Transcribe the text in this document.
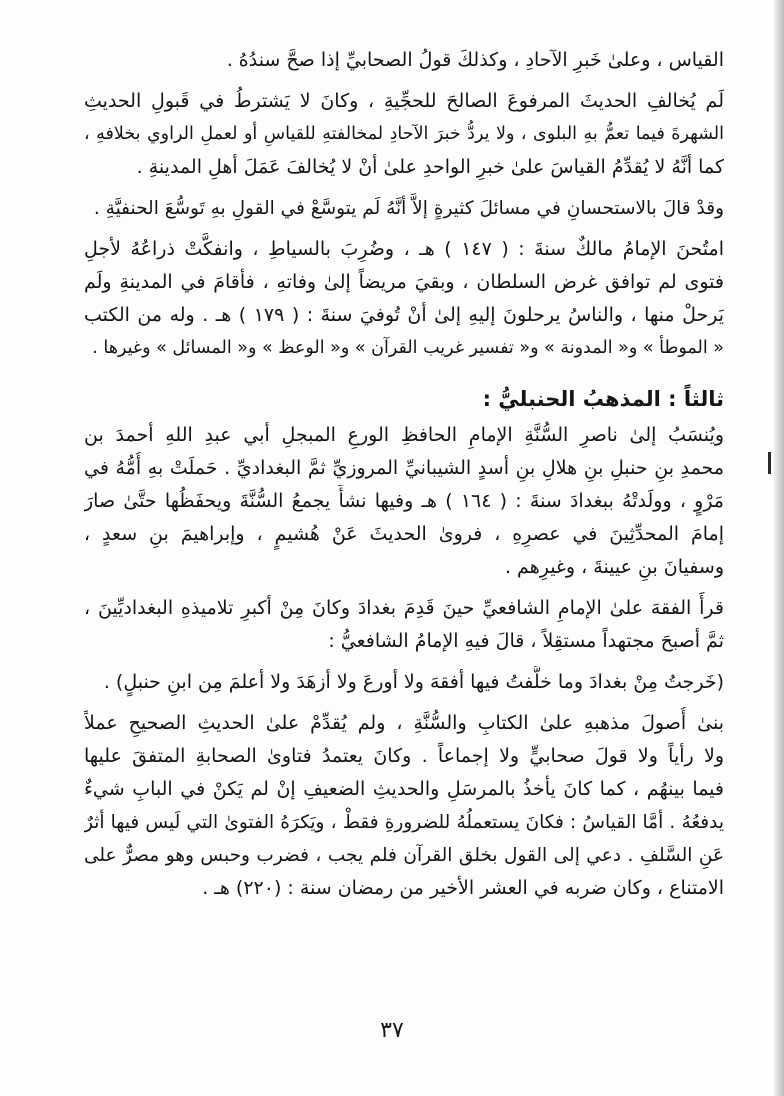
القياس ، وعلىٰ خَبرِ الآحادِ ، وكذلكَ قولُ الصحابيِّ إذا صحَّ سندُهُ .
لَم يُخالفِ الحديثَ المرفوعَ الصالحَ للحجِّيةِ ، وكانَ لا يَشترطُ في قَبولِ الحديثِ
الشهرةَ فيما تعمُّ بهِ البلوى ، ولا يردُّ خبرَ الآحادِ لمخالفتهِ للقياسِ أو لعملِ الراوي بخلافهِ ،
كما أنَّهُ لا يُقدِّمُ القياسَ علىٰ خبرِ الواحدِ علىٰ أنْ لا يُخالفَ عَمَلَ أهلِ المدينةِ .
وقدْ قالَ بالاستحسانِ في مسائلَ كثيرةٍ إلاَّ أنَّهُ لَم يتوسَّعْ في القولِ بهِ تَوسُّعَ الحنفيَّةِ .
امتُحنَ الإمامُ مالكٌ سنةَ : ( ١٤٧ ) هـ ، وضُرِبَ بالسياطِ ، وانفكَّتْ ذراعُهُ لأجلِ
فتوى لم توافق غرض السلطان ، وبقيَ مريضاً إلىٰ وفاتهِ ، فأقامَ في المدينةِ ولَم
يَرحلْ منها ، والناسُ يرحلونَ إليهِ إلىٰ أنْ تُوفيَ سنةَ : ( ١٧٩ ) هـ . وله من الكتب
« الموطأ » و« المدونة » و« تفسير غريب القرآن » و« الوعظ » و« المسائل » وغيرها .
ثالثاً : المذهبُ الحنبليُّ :
ويُنسَبُ إلىٰ ناصرِ السُّنَّةِ الإمامِ الحافظِ الورعِ المبجلِ أبي عبدِ اللهِ أحمدَ بن
محمدِ بنِ حنبلِ بنِ هلالِ بنِ أسدٍ الشيبانيِّ المروزيِّ ثمَّ البغداديِّ . حَملَتْ بهِ أُمُّهُ في
مَرْوٍ ، وولَدتْهُ ببغدادَ سنةَ : ( ١٦٤ ) هـ وفيها نشأَ يجمعُ السُّنَّةَ ويحفَظُها حتَّىٰ صارَ
إمامَ المحدِّثِينَ في عصرِهِ ، فروىٰ الحديثَ عَنْ هُشيمٍ ، وإبراهيمَ بنِ سعدٍ ،
وسفيانَ بنِ عيينةَ ، وغيرِهم .
قرأَ الفقهَ علىٰ الإمامِ الشافعيِّ حينَ قَدِمَ بغدادَ وكانَ مِنْ أكبرِ تلاميذهِ البغداديِّينَ ،
ثمَّ أصبحَ مجتهداً مستقِلاً ، قالَ فيهِ الإمامُ الشافعيُّ :
(خَرجتُ مِنْ بغدادَ وما خلَّفتُ فيها أفقهَ ولا أورعَ ولا أزهَدَ ولا أعلمَ مِن ابنِ حنبلٍ) .
بنىٰ أُصولَ مذهبهِ علىٰ الكتابِ والسُّنَّةِ ، ولم يُقدِّمْ علىٰ الحديثِ الصحيحِ عملاً
ولا رأياً ولا قولَ صحابيٍّ ولا إجماعاً . وكانَ يعتمدُ فتاوىٰ الصحابةِ المتفقَ عليها
فيما بينهُم ، كما كانَ يأخذُ بالمرسَلِ والحديثِ الضعيفِ إنْ لم يَكنْ في البابِ شيءٌ
يدفعُهُ . أمَّا القياسُ : فكانَ يستعملُهُ للضرورةِ فقطْ ، ويَكرَهُ الفتوىٰ التي لَيس فيها أثرٌ
عَنِ السَّلفِ . دعي إلى القول بخلق القرآن فلم يجب ، فضرب وحبس وهو مصرٌّ على
الامتناع ، وكان ضربه في العشر الأخير من رمضان سنة : (٢٢٠) هـ .
٣٧
